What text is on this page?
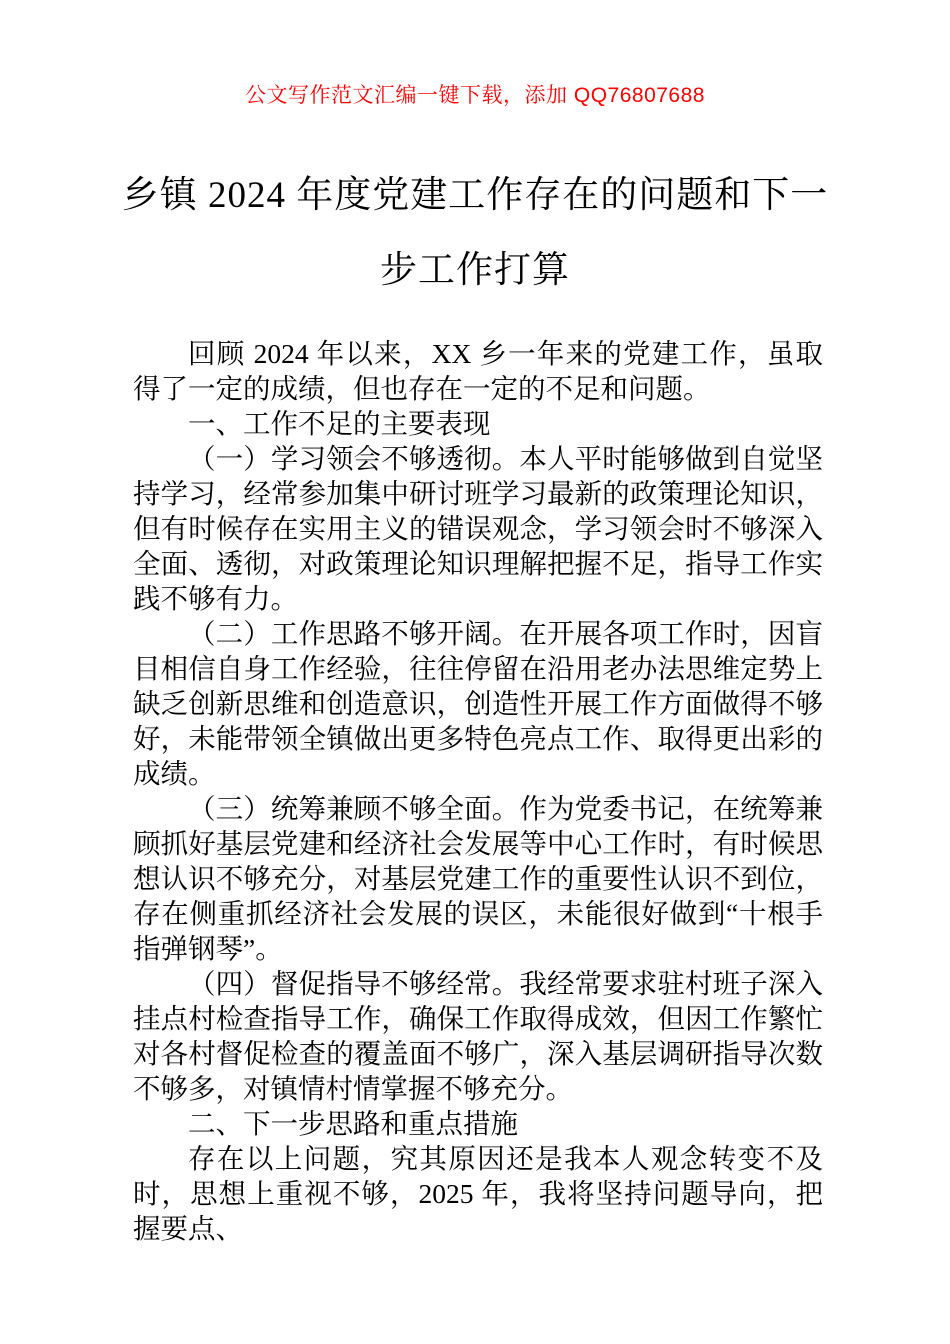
公文写作范文汇编一键下载，添加 QQ76807688
乡镇 2024 年度党建工作存在的问题和下一
步工作打算

回顾 2024 年以来，XX 乡一年来的党建工作，虽取得了一定的成绩，但也存在一定的不足和问题。

一、工作不足的主要表现

（一）学习领会不够透彻。本人平时能够做到自觉坚持学习，经常参加集中研讨班学习最新的政策理论知识，但有时候存在实用主义的错误观念，学习领会时不够深入全面、透彻，对政策理论知识理解把握不足，指导工作实践不够有力。

（二）工作思路不够开阔。在开展各项工作时，因盲目相信自身工作经验，往往停留在沿用老办法思维定势上缺乏创新思维和创造意识，创造性开展工作方面做得不够好，未能带领全镇做出更多特色亮点工作、取得更出彩的成绩。

（三）统筹兼顾不够全面。作为党委书记，在统筹兼顾抓好基层党建和经济社会发展等中心工作时，有时候思想认识不够充分，对基层党建工作的重要性认识不到位，存在侧重抓经济社会发展的误区，未能很好做到“十根手指弹钢琴”。

（四）督促指导不够经常。我经常要求驻村班子深入挂点村检查指导工作，确保工作取得成效，但因工作繁忙对各村督促检查的覆盖面不够广，深入基层调研指导次数不够多，对镇情村情掌握不够充分。

二、下一步思路和重点措施

存在以上问题，究其原因还是我本人观念转变不及时，思想上重视不够，2025 年，我将坚持问题导向，把握要点、
